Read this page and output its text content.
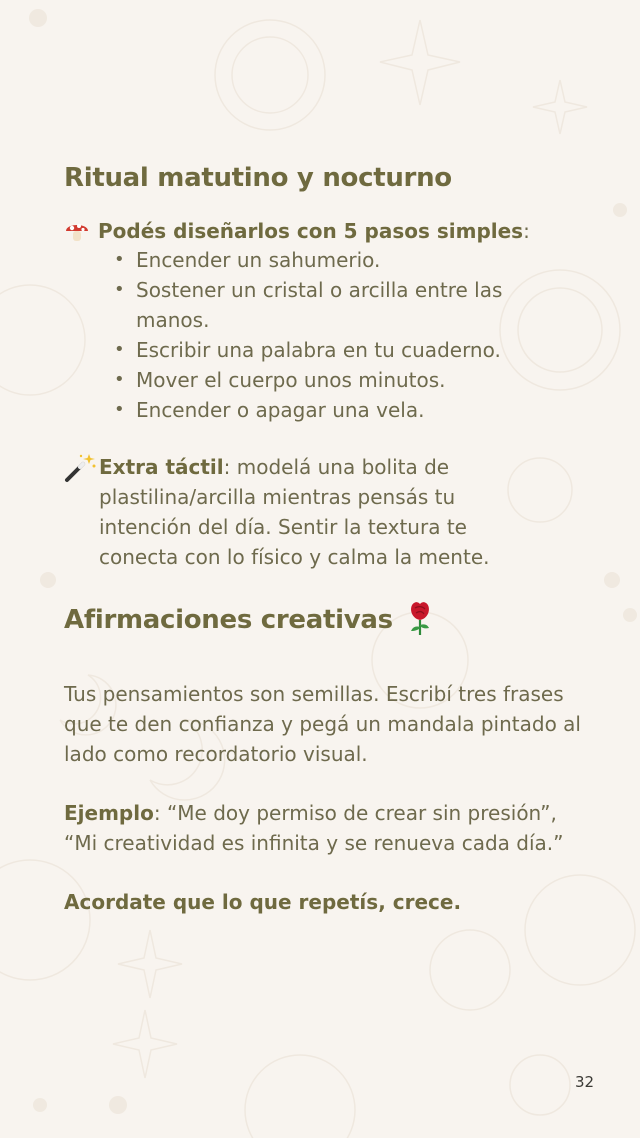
Ritual matutino y nocturno
Podés diseñarlos con 5 pasos simples:
• Encender un sahumerio.
• Sostener un cristal o arcilla entre las manos.
• Escribir una palabra en tu cuaderno.
• Mover el cuerpo unos minutos.
• Encender o apagar una vela.
Extra táctil: modelá una bolita de plastilina/arcilla mientras pensás tu intención del día. Sentir la textura te conecta con lo físico y calma la mente.
Afirmaciones creativas

Tus pensamientos son semillas. Escribí tres frases que te den confianza y pegá un mandala pintado al lado como recordatorio visual.

Ejemplo: “Me doy permiso de crear sin presión”, “Mi creatividad es infinita y se renueva cada día.”

Acordate que lo que repetís, crece.
32
